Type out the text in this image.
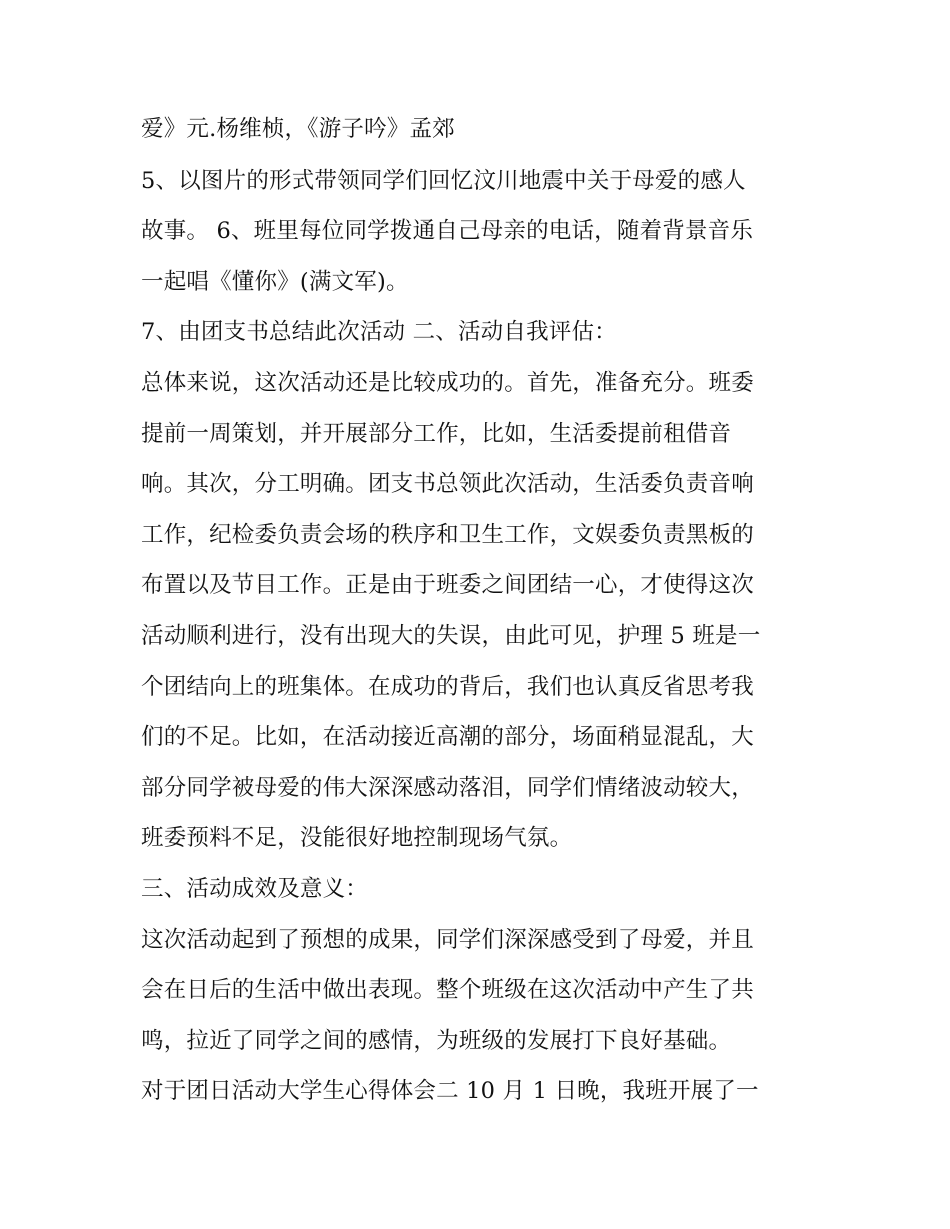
爱》元.杨维桢，《游子吟》孟郊
5、以图片的形式带领同学们回忆汶川地震中关于母爱的感人
故事。 6、班里每位同学拨通自己母亲的电话，随着背景音乐
一起唱《懂你》(满文军)。
7、由团支书总结此次活动 二、活动自我评估：
总体来说，这次活动还是比较成功的。首先，准备充分。班委
提前一周策划，并开展部分工作，比如，生活委提前租借音
响。其次，分工明确。团支书总领此次活动，生活委负责音响
工作，纪检委负责会场的秩序和卫生工作，文娱委负责黑板的
布置以及节目工作。正是由于班委之间团结一心，才使得这次
活动顺利进行，没有出现大的失误，由此可见，护理 5 班是一
个团结向上的班集体。在成功的背后，我们也认真反省思考我
们的不足。比如，在活动接近高潮的部分，场面稍显混乱，大
部分同学被母爱的伟大深深感动落泪，同学们情绪波动较大，
班委预料不足，没能很好地控制现场气氛。
三、活动成效及意义：
这次活动起到了预想的成果，同学们深深感受到了母爱，并且
会在日后的生活中做出表现。整个班级在这次活动中产生了共
鸣，拉近了同学之间的感情，为班级的发展打下良好基础。
对于团日活动大学生心得体会二 10 月 1 日晚，我班开展了一
